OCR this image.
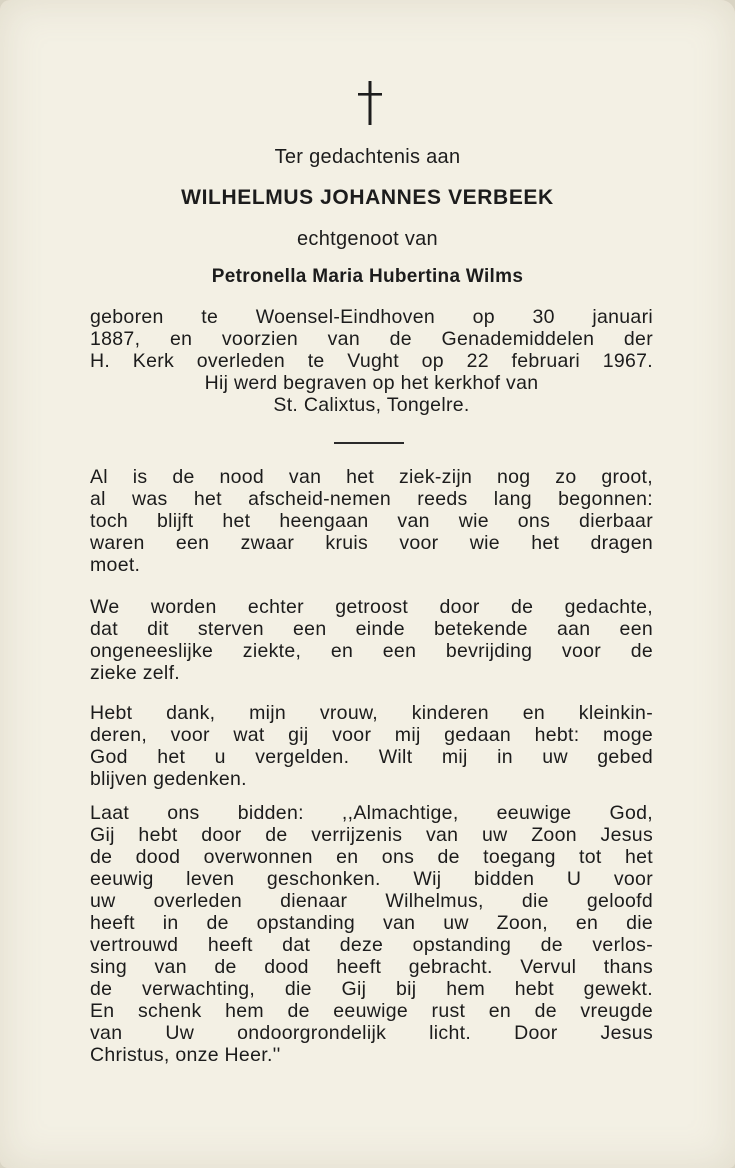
Ter gedachtenis aan
WILHELMUS JOHANNES VERBEEK
echtgenoot van
Petronella Maria Hubertina Wilms
geboren te Woensel-Eindhoven op 30 januari
1887, en voorzien van de Genademiddelen der
H. Kerk overleden te Vught op 22 februari 1967.
Hij werd begraven op het kerkhof van
St. Calixtus, Tongelre.
Al is de nood van het ziek-zijn nog zo groot,
al was het afscheid-nemen reeds lang begonnen:
toch blijft het heengaan van wie ons dierbaar
waren een zwaar kruis voor wie het dragen
moet.
We worden echter getroost door de gedachte,
dat dit sterven een einde betekende aan een
ongeneeslijke ziekte, en een bevrijding voor de
zieke zelf.
Hebt dank, mijn vrouw, kinderen en kleinkin-
deren, voor wat gij voor mij gedaan hebt: moge
God het u vergelden. Wilt mij in uw gebed
blijven gedenken.
Laat ons bidden: ,,Almachtige, eeuwige God,
Gij hebt door de verrijzenis van uw Zoon Jesus
de dood overwonnen en ons de toegang tot het
eeuwig leven geschonken. Wij bidden U voor
uw overleden dienaar Wilhelmus, die geloofd
heeft in de opstanding van uw Zoon, en die
vertrouwd heeft dat deze opstanding de verlos-
sing van de dood heeft gebracht. Vervul thans
de verwachting, die Gij bij hem hebt gewekt.
En schenk hem de eeuwige rust en de vreugde
van Uw ondoorgrondelijk licht. Door Jesus
Christus, onze Heer.''
